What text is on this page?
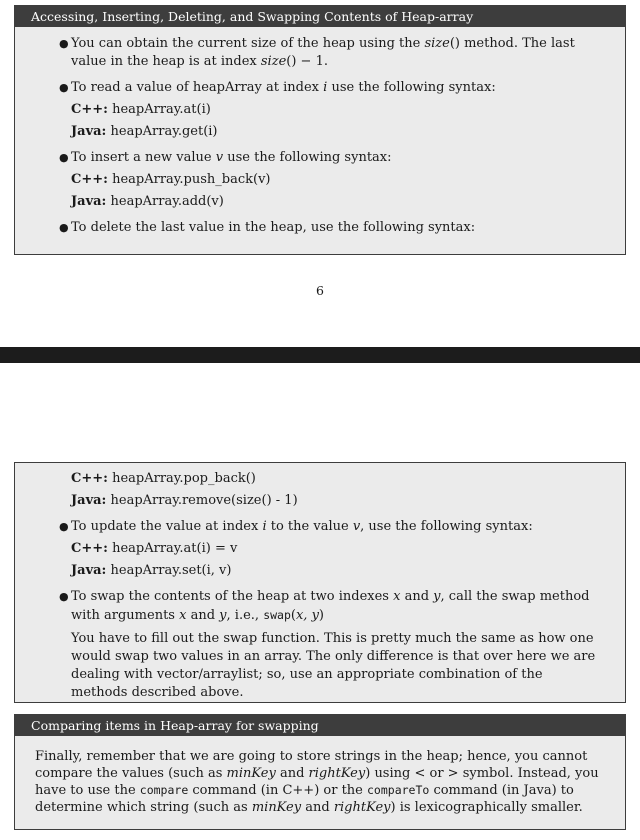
Accessing, Inserting, Deleting, and Swapping Contents of Heap-array
● You can obtain the current size of the heap using the size() method. The last value in the heap is at index size() − 1.
● To read a value of heapArray at index i use the following syntax:
C++: heapArray.at(i)
Java: heapArray.get(i)
● To insert a new value v use the following syntax:
C++: heapArray.push_back(v)
Java: heapArray.add(v)
● To delete the last value in the heap, use the following syntax:
6
C++: heapArray.pop_back()
Java: heapArray.remove(size() - 1)
● To update the value at index i to the value v, use the following syntax:
C++: heapArray.at(i) = v
Java: heapArray.set(i, v)
● To swap the contents of the heap at two indexes x and y, call the swap method with arguments x and y, i.e., swap(x, y)
You have to fill out the swap function. This is pretty much the same as how one would swap two values in an array. The only difference is that over here we are dealing with vector/arraylist; so, use an appropriate combination of the methods described above.
Comparing items in Heap-array for swapping
Finally, remember that we are going to store strings in the heap; hence, you cannot compare the values (such as minKey and rightKey) using < or > symbol. Instead, you have to use the compare command (in C++) or the compareTo command (in Java) to determine which string (such as minKey and rightKey) is lexicographically smaller.
